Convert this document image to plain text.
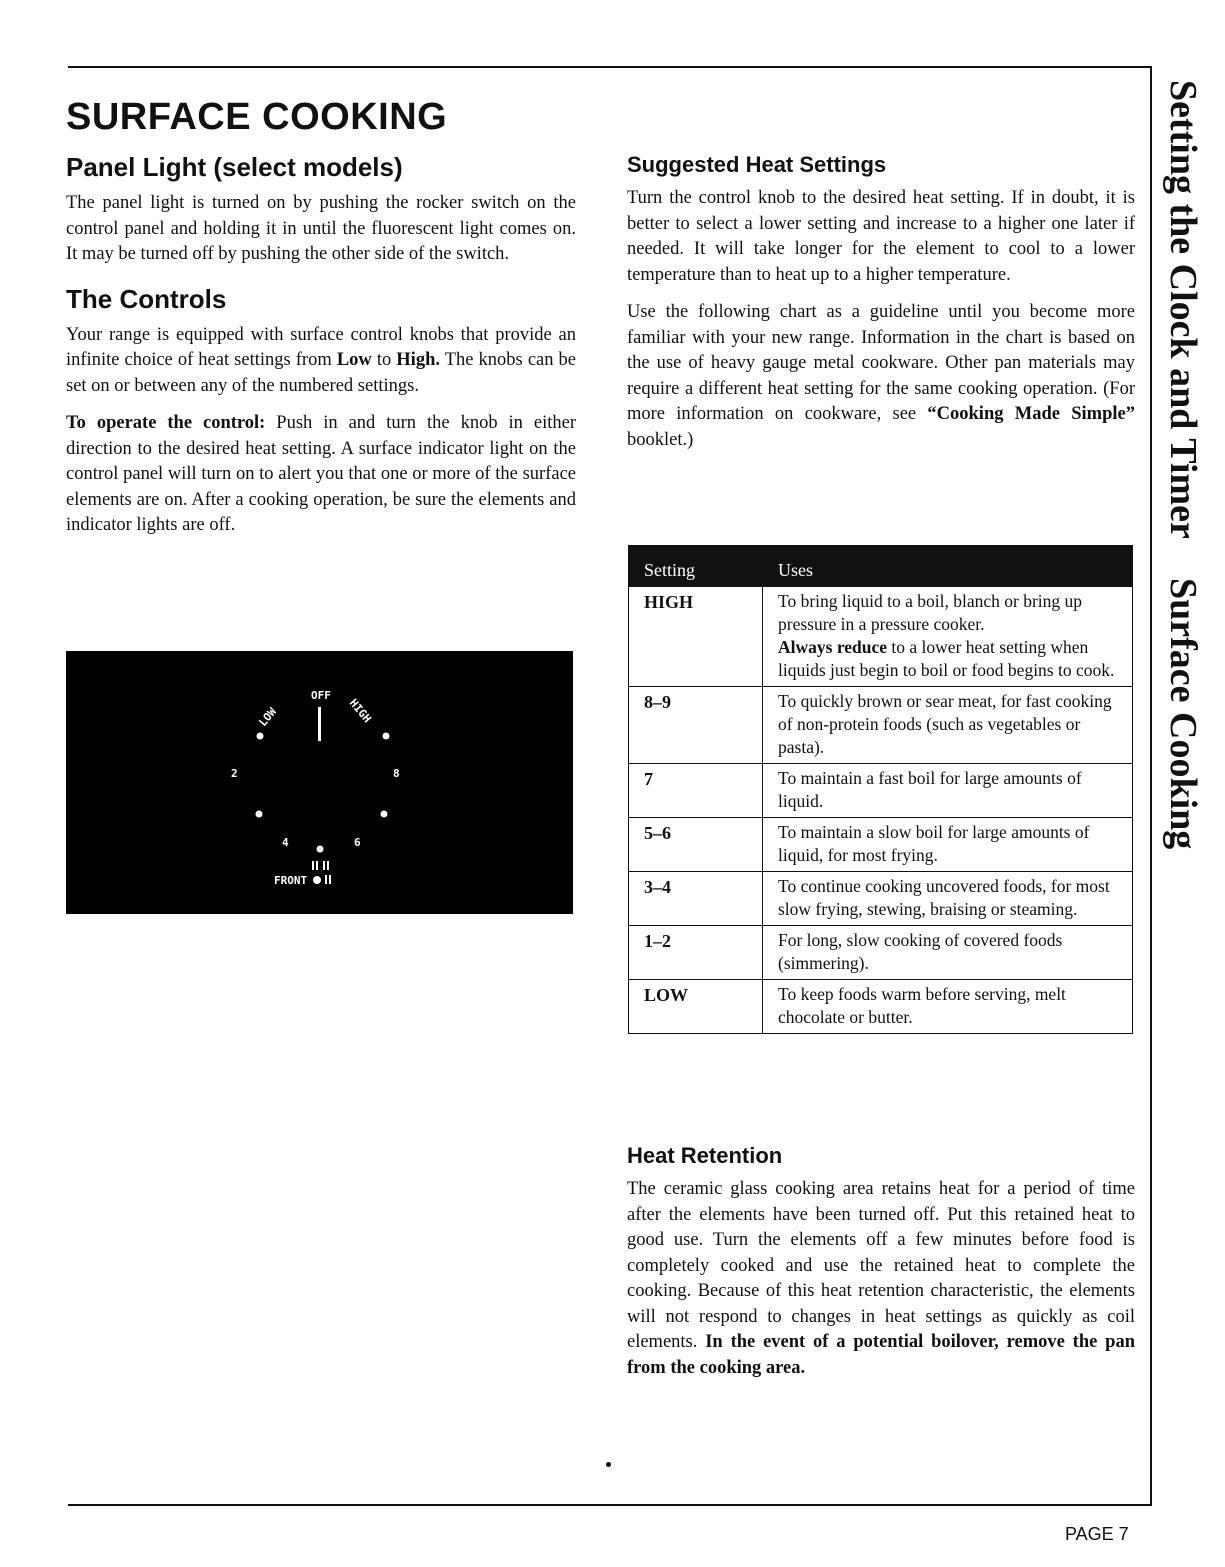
SURFACE COOKING
Panel Light (select models)

The panel light is turned on by pushing the rocker switch on the control panel and holding it in until the fluorescent light comes on. It may be turned off by pushing the other side of the switch.

The Controls

Your range is equipped with surface control knobs that provide an infinite choice of heat settings from Low to High. The knobs can be set on or between any of the numbered settings.

To operate the control: Push in and turn the knob in either direction to the desired heat setting. A surface indicator light on the control panel will turn on to alert you that one or more of the surface elements are on. After a cooking operation, be sure the elements and indicator lights are off.

OFF
LOW	HIGH
2	8
4	6
FRONT
Suggested Heat Settings

Turn the control knob to the desired heat setting. If in doubt, it is better to select a lower setting and increase to a higher one later if needed. It will take longer for the element to cool to a lower temperature than to heat up to a higher temperature.

Use the following chart as a guideline until you become more familiar with your new range. Information in the chart is based on the use of heavy gauge metal cookware. Other pan materials may require a different heat setting for the same cooking operation. (For more information on cookware, see “Cooking Made Simple” booklet.)

Setting	Uses
HIGH	To bring liquid to a boil, blanch or bring up pressure in a pressure cooker.
Always reduce to a lower heat setting when liquids just begin to boil or food begins to cook.
8–9	To quickly brown or sear meat, for fast cooking of non-protein foods (such as vegetables or pasta).
7	To maintain a fast boil for large amounts of liquid.
5–6	To maintain a slow boil for large amounts of liquid, for most frying.
3–4	To continue cooking uncovered foods, for most slow frying, stewing, braising or steaming.
1–2	For long, slow cooking of covered foods (simmering).
LOW	To keep foods warm before serving, melt chocolate or butter.
Heat Retention

The ceramic glass cooking area retains heat for a period of time after the elements have been turned off. Put this retained heat to good use. Turn the elements off a few minutes before food is completely cooked and use the retained heat to complete the cooking. Because of this heat retention characteristic, the elements will not respond to changes in heat settings as quickly as coil elements. In the event of a potential boilover, remove the pan from the cooking area.

Setting the Clock and Timer
Surface Cooking
PAGE 7
